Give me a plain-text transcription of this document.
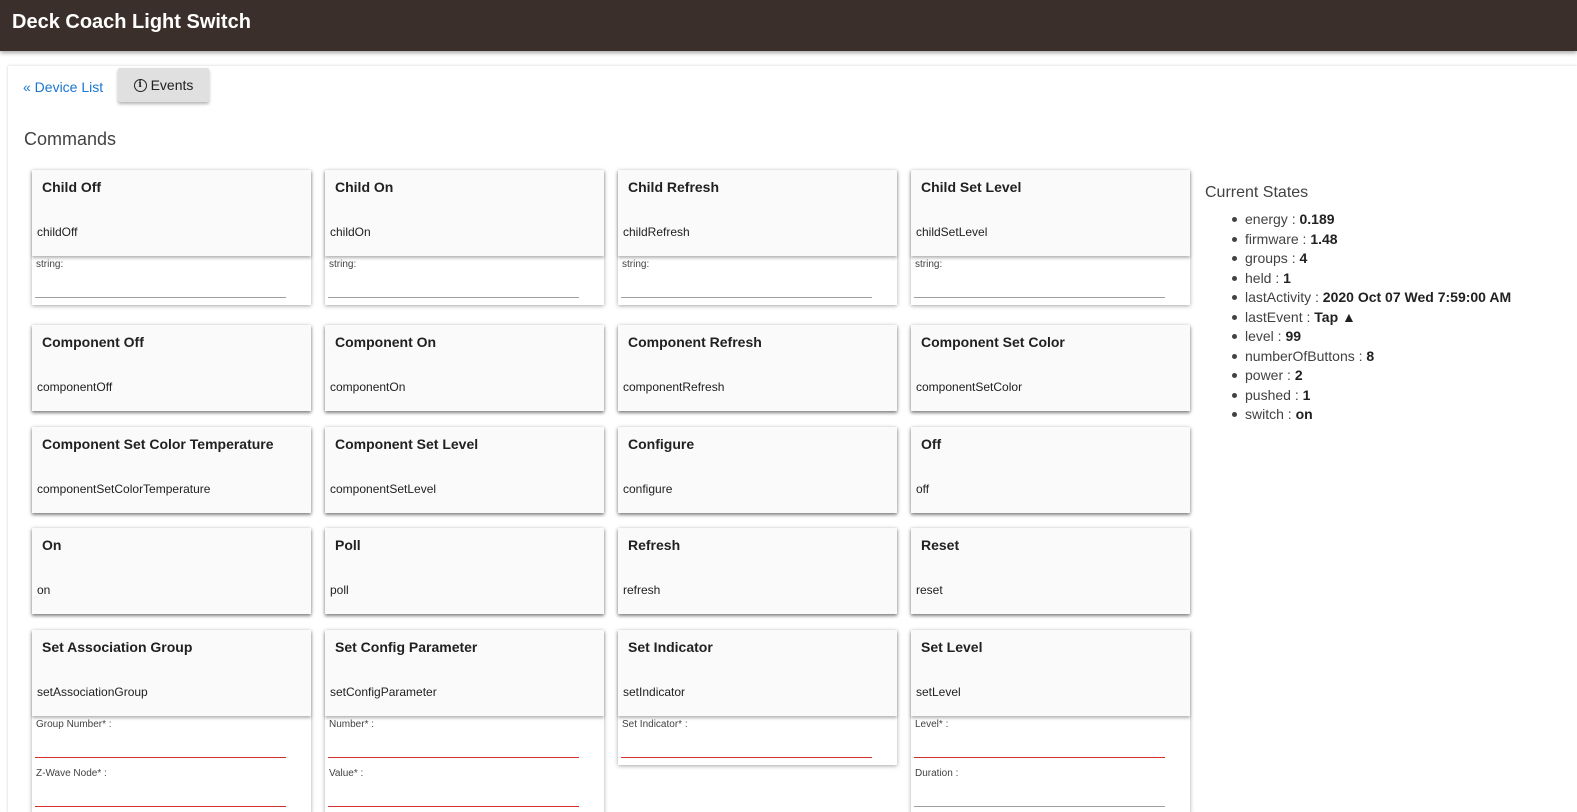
Deck Coach Light Switch
« Device List	i Events
Commands
Child Off
childOff
string:
Child On
childOn
string:
Child Refresh
childRefresh
string:
Child Set Level
childSetLevel
string:
Component Off
componentOff
Component On
componentOn
Component Refresh
componentRefresh
Component Set Color
componentSetColor
Component Set Color Temperature
componentSetColorTemperature
Component Set Level
componentSetLevel
Configure
configure
Off
off
On
on
Poll
poll
Refresh
refresh
Reset
reset
Set Association Group
setAssociationGroup
Group Number* :
Z-Wave Node* :
Set Config Parameter
setConfigParameter
Number* :
Value* :
Set Indicator
setIndicator
Set Indicator* :
Set Level
setLevel
Level* :
Duration :
Current States
energy : 0.189
firmware : 1.48
groups : 4
held : 1
lastActivity : 2020 Oct 07 Wed 7:59:00 AM
lastEvent : Tap ▲
level : 99
numberOfButtons : 8
power : 2
pushed : 1
switch : on
